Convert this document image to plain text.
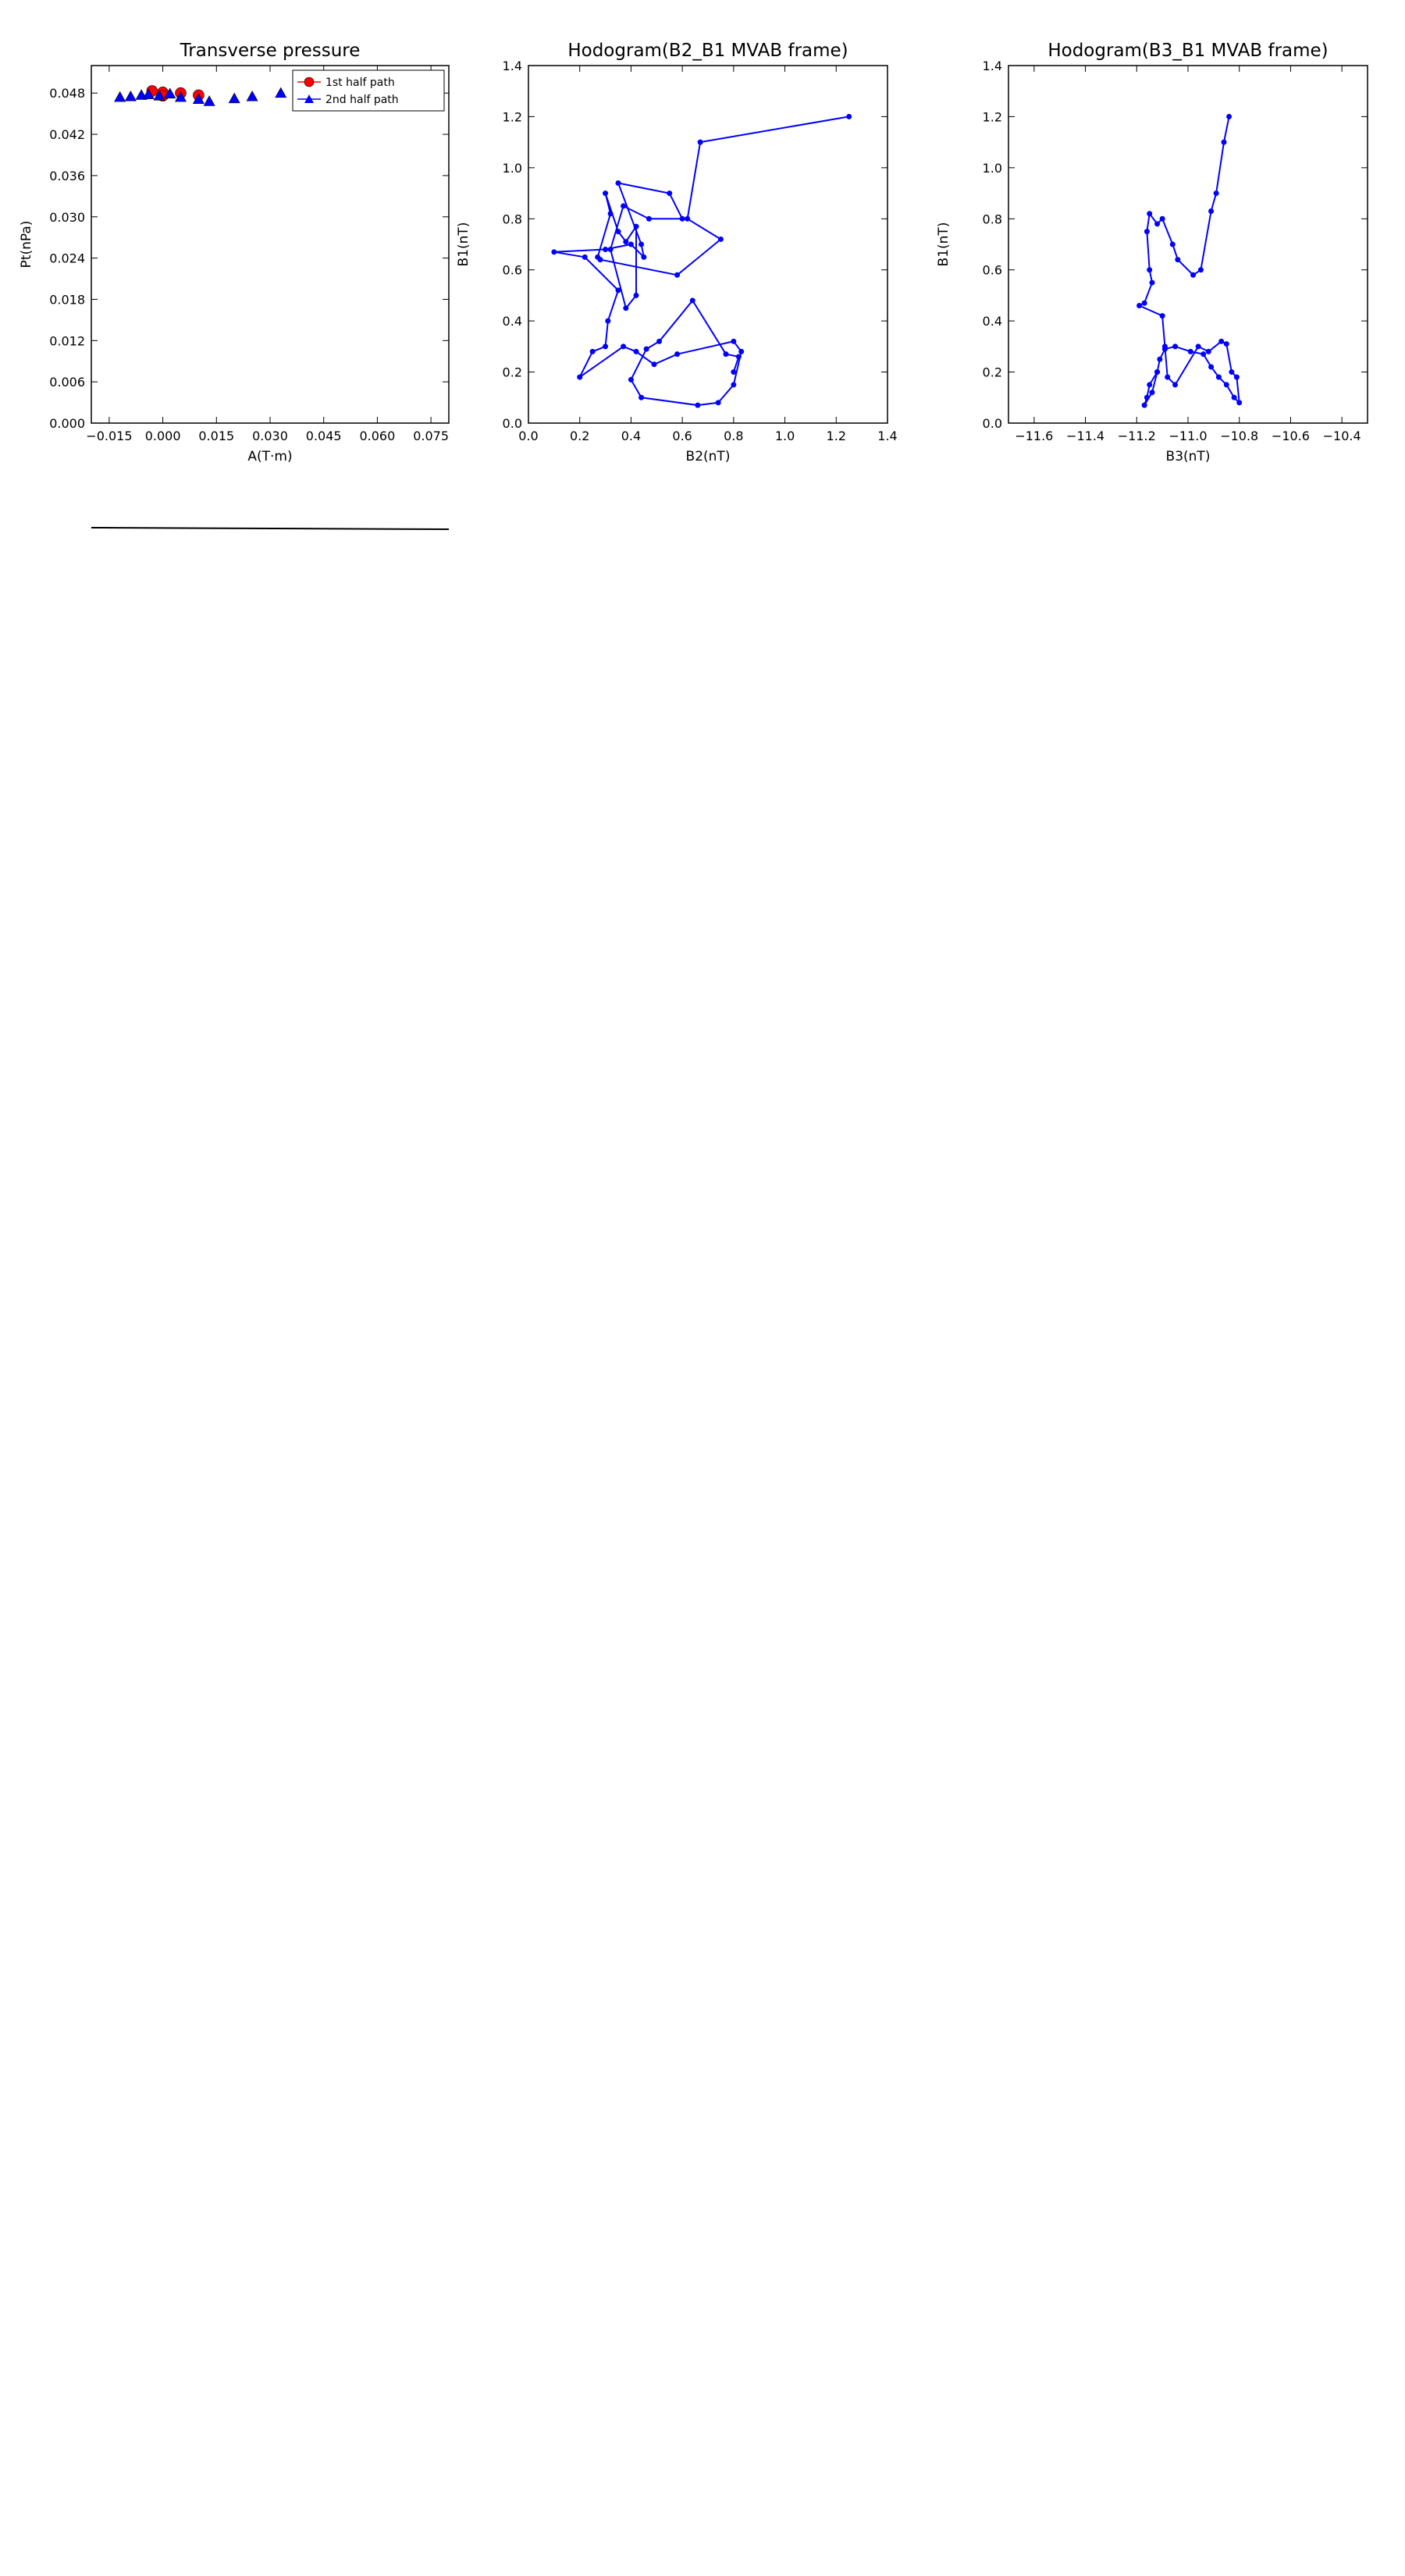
−0.015 0.000 0.015 0.030 0.045 0.060 0.075
0.000
0.006
0.012
0.018
0.024
0.030
0.036
0.042
0.048
Transverse pressure
A(T·m)
Pt(nPa)
1st half path
2nd half path
0.0	0.2	0.4	0.6	0.8	1.0	1.2	1.4
0.0
0.2
0.4
0.6
0.8
1.0
1.2
1.4
Hodogram(B2_B1 MVAB frame)
B2(nT)
B1(nT)
−11.6 −11.4 −11.2 −11.0 −10.8 −10.6 −10.4
0.0
0.2
0.4
0.6
0.8
1.0
1.2
1.4
Hodogram(B3_B1 MVAB frame)
B3(nT)
B1(nT)
